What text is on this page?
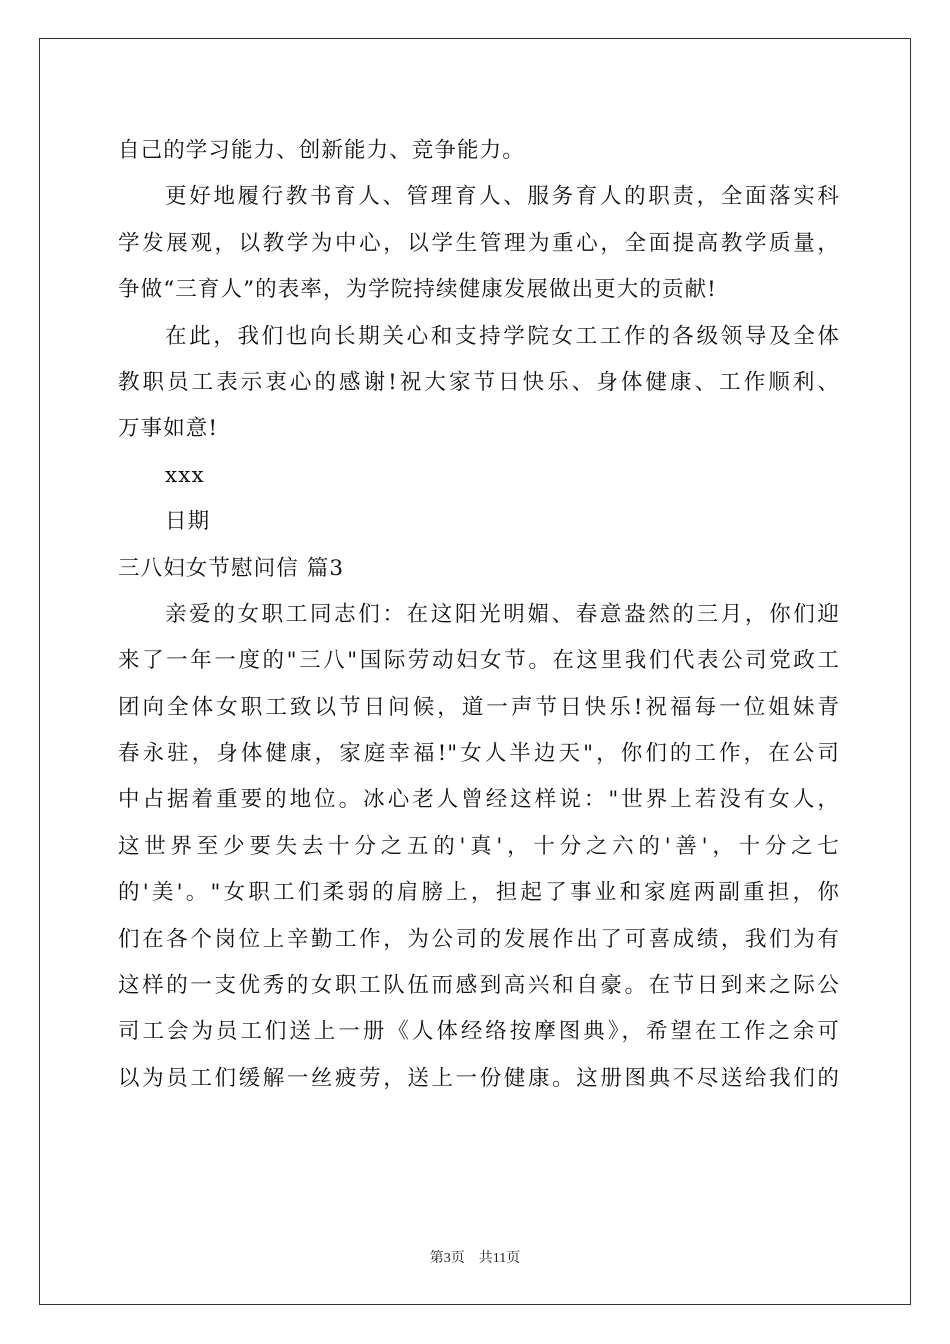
自己的学习能力、创新能力、竞争能力。
更好地履行教书育人、管理育人、服务育人的职责，全面落实科
学发展观，以教学为中心，以学生管理为重心，全面提高教学质量，
争做“三育人”的表率，为学院持续健康发展做出更大的贡献!
在此，我们也向长期关心和支持学院女工工作的各级领导及全体
教职员工表示衷心的感谢!祝大家节日快乐、身体健康、工作顺利、
万事如意!
xxx
日期
三八妇女节慰问信 篇3
亲爱的女职工同志们：在这阳光明媚、春意盎然的三月，你们迎
来了一年一度的"三八"国际劳动妇女节。在这里我们代表公司党政工
团向全体女职工致以节日问候，道一声节日快乐!祝福每一位姐妹青
春永驻，身体健康，家庭幸福!"女人半边天"，你们的工作，在公司
中占据着重要的地位。冰心老人曾经这样说："世界上若没有女人，
这世界至少要失去十分之五的'真'，十分之六的'善'，十分之七
的'美'。"女职工们柔弱的肩膀上，担起了事业和家庭两副重担，你
们在各个岗位上辛勤工作，为公司的发展作出了可喜成绩，我们为有
这样的一支优秀的女职工队伍而感到高兴和自豪。在节日到来之际公
司工会为员工们送上一册《人体经络按摩图典》，希望在工作之余可
以为员工们缓解一丝疲劳，送上一份健康。这册图典不尽送给我们的
第3页 共11页
